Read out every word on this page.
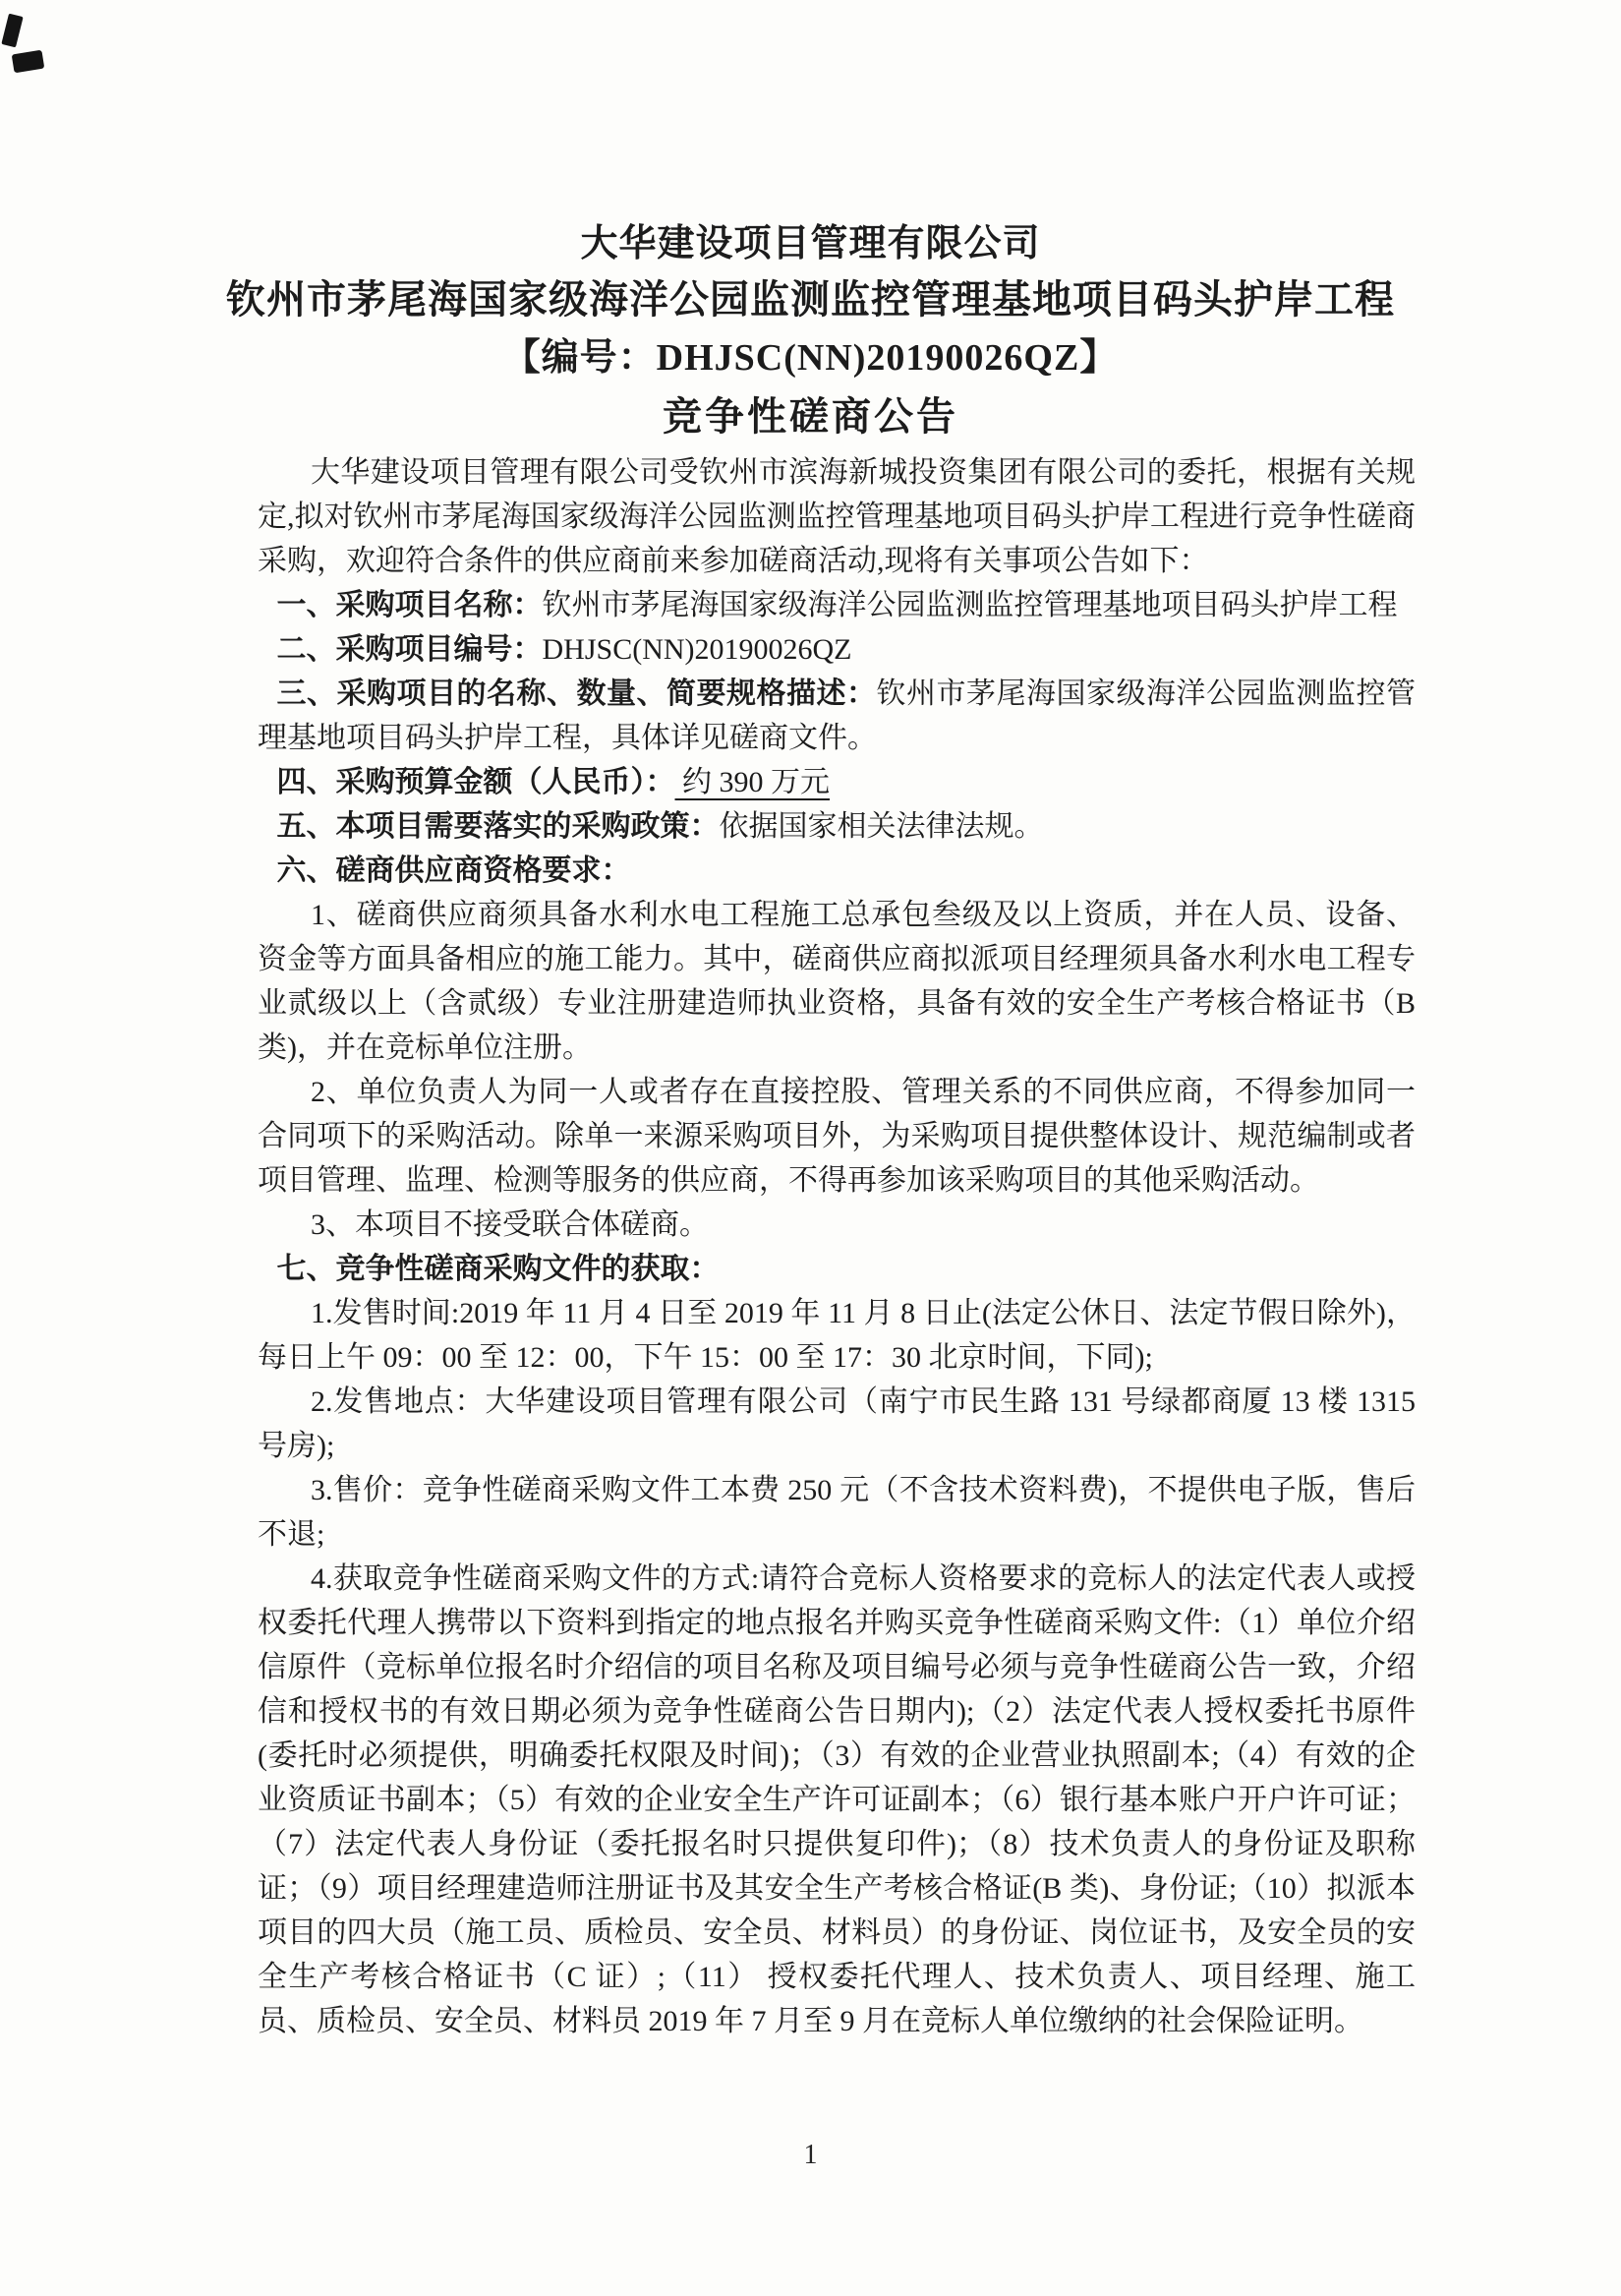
大华建设项目管理有限公司
钦州市茅尾海国家级海洋公园监测监控管理基地项目码头护岸工程
【编号：DHJSC(NN)20190026QZ】
竞争性磋商公告

大华建设项目管理有限公司受钦州市滨海新城投资集团有限公司的委托，根据有关规定,拟对钦州市茅尾海国家级海洋公园监测监控管理基地项目码头护岸工程进行竞争性磋商采购，欢迎符合条件的供应商前来参加磋商活动,现将有关事项公告如下：

一、采购项目名称：钦州市茅尾海国家级海洋公园监测监控管理基地项目码头护岸工程

二、采购项目编号：DHJSC(NN)20190026QZ

三、采购项目的名称、数量、简要规格描述：钦州市茅尾海国家级海洋公园监测监控管理基地项目码头护岸工程，具体详见磋商文件。

四、采购预算金额（人民币）： 约 390 万元

五、本项目需要落实的采购政策：依据国家相关法律法规。

六、磋商供应商资格要求：

1、磋商供应商须具备水利水电工程施工总承包叁级及以上资质，并在人员、设备、资金等方面具备相应的施工能力。其中，磋商供应商拟派项目经理须具备水利水电工程专业贰级以上（含贰级）专业注册建造师执业资格，具备有效的安全生产考核合格证书（B 类)，并在竞标单位注册。

2、单位负责人为同一人或者存在直接控股、管理关系的不同供应商，不得参加同一合同项下的采购活动。除单一来源采购项目外，为采购项目提供整体设计、规范编制或者项目管理、监理、检测等服务的供应商，不得再参加该采购项目的其他采购活动。

3、本项目不接受联合体磋商。

七、竞争性磋商采购文件的获取：

1.发售时间:2019 年 11 月 4 日至 2019 年 11 月 8 日止(法定公休日、法定节假日除外)，每日上午 09：00 至 12：00，下午 15：00 至 17：30 北京时间，下同);

2.发售地点：大华建设项目管理有限公司（南宁市民生路 131 号绿都商厦 13 楼 1315 号房);

3.售价：竞争性磋商采购文件工本费 250 元（不含技术资料费)，不提供电子版，售后不退;

4.获取竞争性磋商采购文件的方式:请符合竞标人资格要求的竞标人的法定代表人或授权委托代理人携带以下资料到指定的地点报名并购买竞争性磋商采购文件:（1）单位介绍信原件（竞标单位报名时介绍信的项目名称及项目编号必须与竞争性磋商公告一致，介绍信和授权书的有效日期必须为竞争性磋商公告日期内);（2）法定代表人授权委托书原件(委托时必须提供，明确委托权限及时间)；（3）有效的企业营业执照副本;（4）有效的企业资质证书副本；（5）有效的企业安全生产许可证副本；（6）银行基本账户开户许可证；（7）法定代表人身份证（委托报名时只提供复印件)；（8）技术负责人的身份证及职称证；（9）项目经理建造师注册证书及其安全生产考核合格证(B 类)、身份证;（10）拟派本项目的四大员（施工员、质检员、安全员、材料员）的身份证、岗位证书，及安全员的安全生产考核合格证书（C 证）;（11） 授权委托代理人、技术负责人、项目经理、施工员、质检员、安全员、材料员 2019 年 7 月至 9 月在竞标人单位缴纳的社会保险证明。

1
